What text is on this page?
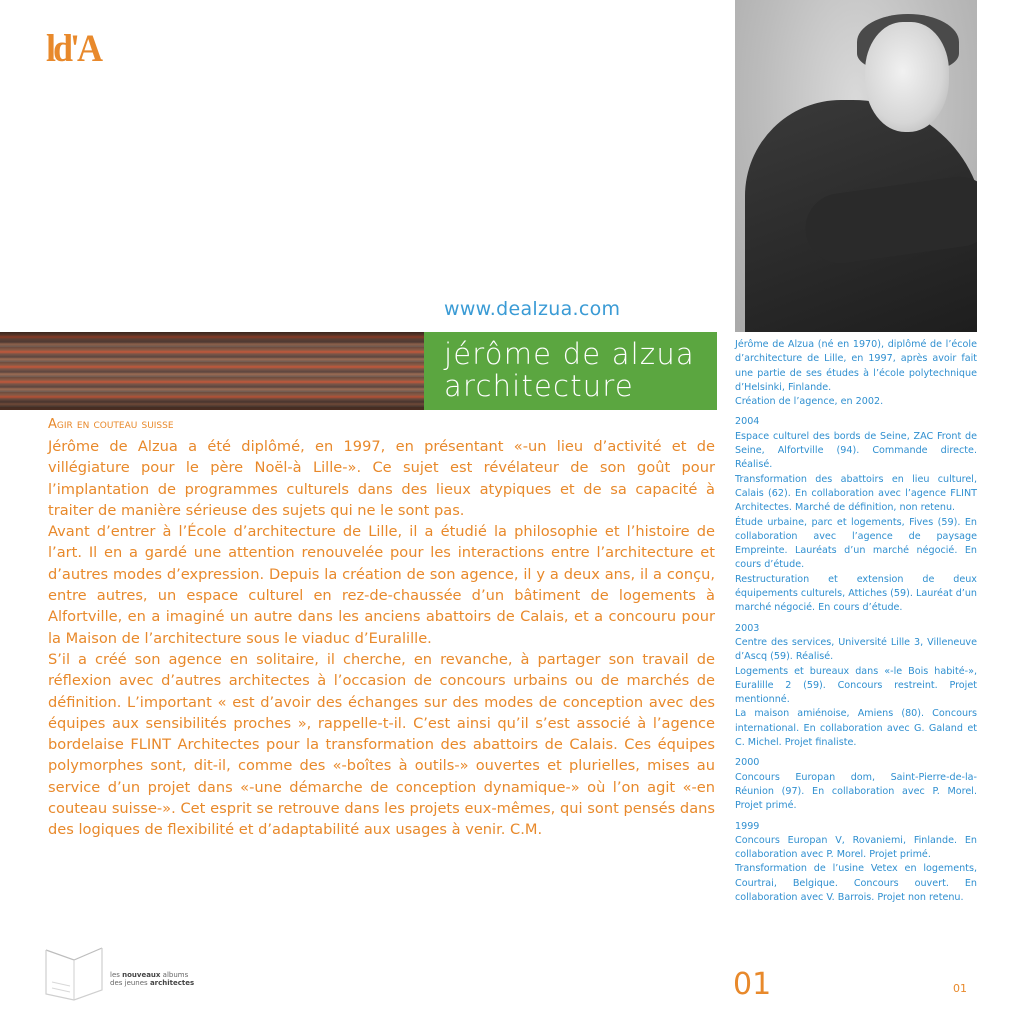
ld'A
www.dealzua.com
jérôme de alzua
architecture
Agir en couteau suisse

Jérôme de Alzua a été diplômé, en 1997, en présentant «-un lieu d’activité et de villégiature pour le père Noël-à Lille-». Ce sujet est révélateur de son goût pour l’implantation de programmes culturels dans des lieux atypiques et de sa capacité à traiter de manière sérieuse des sujets qui ne le sont pas.

Avant d’entrer à l’École d’architecture de Lille, il a étudié la philosophie et l’histoire de l’art. Il en a gardé une attention renouvelée pour les interactions entre l’architecture et d’autres modes d’expression. Depuis la création de son agence, il y a deux ans, il a conçu, entre autres, un espace culturel en rez-de-chaussée d’un bâtiment de logements à Alfortville, en a imaginé un autre dans les anciens abattoirs de Calais, et a concouru pour la Maison de l’architecture sous le viaduc d’Euralille.

S’il a créé son agence en solitaire, il cherche, en revanche, à partager son travail de réflexion avec d’autres architectes à l’occasion de concours urbains ou de marchés de définition. L’important « est d’avoir des échanges sur des modes de conception avec des équipes aux sensibilités proches », rappelle-t-il. C’est ainsi qu’il s’est associé à l’agence bordelaise FLINT Architectes pour la transformation des abattoirs de Calais. Ces équipes polymorphes sont, dit-il, comme des «-boîtes à outils-» ouvertes et plurielles, mises au service d’un projet dans «-une démarche de conception dynamique-» où l’on agit «-en couteau suisse-». Cet esprit se retrouve dans les projets eux-mêmes, qui sont pensés dans des logiques de flexibilité et d’adaptabilité aux usages à venir. C.M.

Jérôme de Alzua (né en 1970), diplômé de l’école d’architecture de Lille, en 1997, après avoir fait une partie de ses études à l’école polytechnique d’Helsinki, Finlande.

Création de l’agence, en 2002.

2004

Espace culturel des bords de Seine, ZAC Front de Seine, Alfortville (94). Commande directe. Réalisé.

Transformation des abattoirs en lieu culturel, Calais (62). En collaboration avec l’agence FLINT Architectes. Marché de définition, non retenu.

Étude urbaine, parc et logements, Fives (59). En collaboration avec l’agence de paysage Empreinte. Lauréats d’un marché négocié. En cours d’étude.

Restructuration et extension de deux équipements culturels, Attiches (59). Lauréat d’un marché négocié. En cours d’étude.

2003

Centre des services, Université Lille 3, Villeneuve d’Ascq (59). Réalisé.

Logements et bureaux dans «-le Bois habité-», Euralille 2 (59). Concours restreint. Projet mentionné.

La maison amiénoise, Amiens (80). Concours international. En collaboration avec G. Galand et C. Michel. Projet finaliste.

2000

Concours Europan dom, Saint-Pierre-de-la-Réunion (97). En collaboration avec P. Morel. Projet primé.

1999

Concours Europan V, Rovaniemi, Finlande. En collaboration avec P. Morel. Projet primé.

Transformation de l’usine Vetex en logements, Courtrai, Belgique. Concours ouvert. En collaboration avec V. Barrois. Projet non retenu.

les nouveaux albums
des jeunes architectes	01	01
